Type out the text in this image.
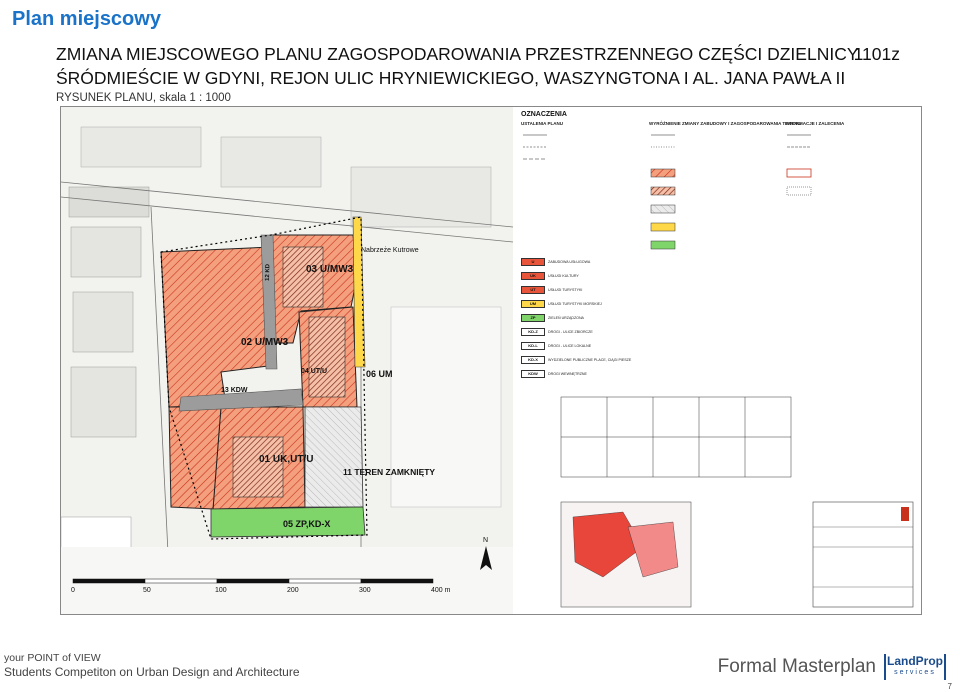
Plan miejscowy
ZMIANA MIEJSCOWEGO PLANU ZAGOSPODAROWANIA PRZESTRZENNEGO CZĘŚCI DZIELNICY
ŚRÓDMIEŚCIE W GDYNI, REJON ULIC HRYNIEWICKIEGO, WASZYNGTONA I AL. JANA PAWŁA II
RYSUNEK PLANU, skala 1 : 1000
1101z
02 U/MW3
03 U/MW3
06 UM
04 UT/U
01 UK,UT/U
05 ZP,KD-X
11 TEREN ZAMKNIĘTY
13 KDW
12 KD
Nabrzeże Kutrowe
N
0	50	100	200	300	400 m
OZNACZENIA
USTALENIA PLANU	WYRÓŻNIENIE ZMIANY ZABUDOWY I ZAGOSPODAROWANIA TERENU
INFORMACJE I ZALECENIA
U	ZABUDOWA USŁUGOWA
UK	USŁUGI KULTURY
UT	USŁUGI TURYSTYKI
UM	USŁUGI TURYSTYKI MORSKIEJ
ZP	ZIELEŃ URZĄDZONA
KD-Z	DROGI - ULICE ZBIORCZE
KD-L	DROGI - ULICE LOKALNE
KD-X	WYDZIELONE PUBLICZNE PLACE, CIĄGI PIESZE
KDW	DROGI WEWNĘTRZNE
your POINT of VIEW
Students Competiton on Urban Design and Architecture	Formal Masterplan LandProp
services
7
